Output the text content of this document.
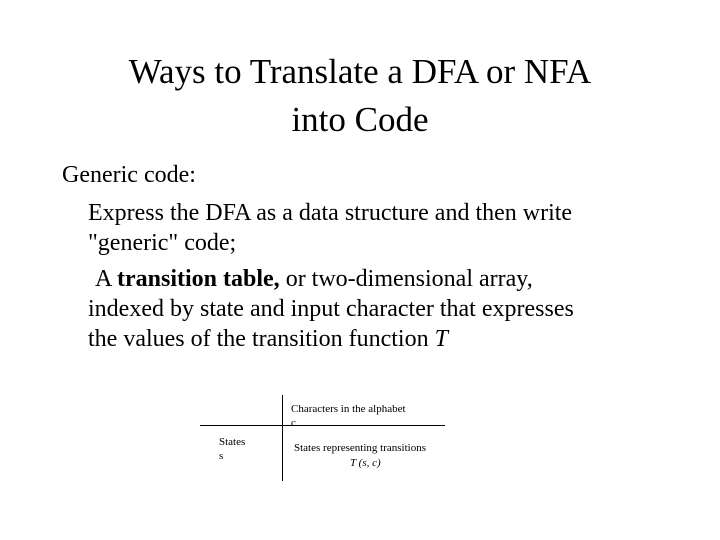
Ways to Translate a DFA or NFA
into Code
Generic code:
Express the DFA as a data structure and then write
"generic" code;
A transition table, or two-dimensional array,
indexed by state and input character that expresses
the values of the transition function T
Characters in the alphabet
c
States
s
States representing transitions
T (s, c)
